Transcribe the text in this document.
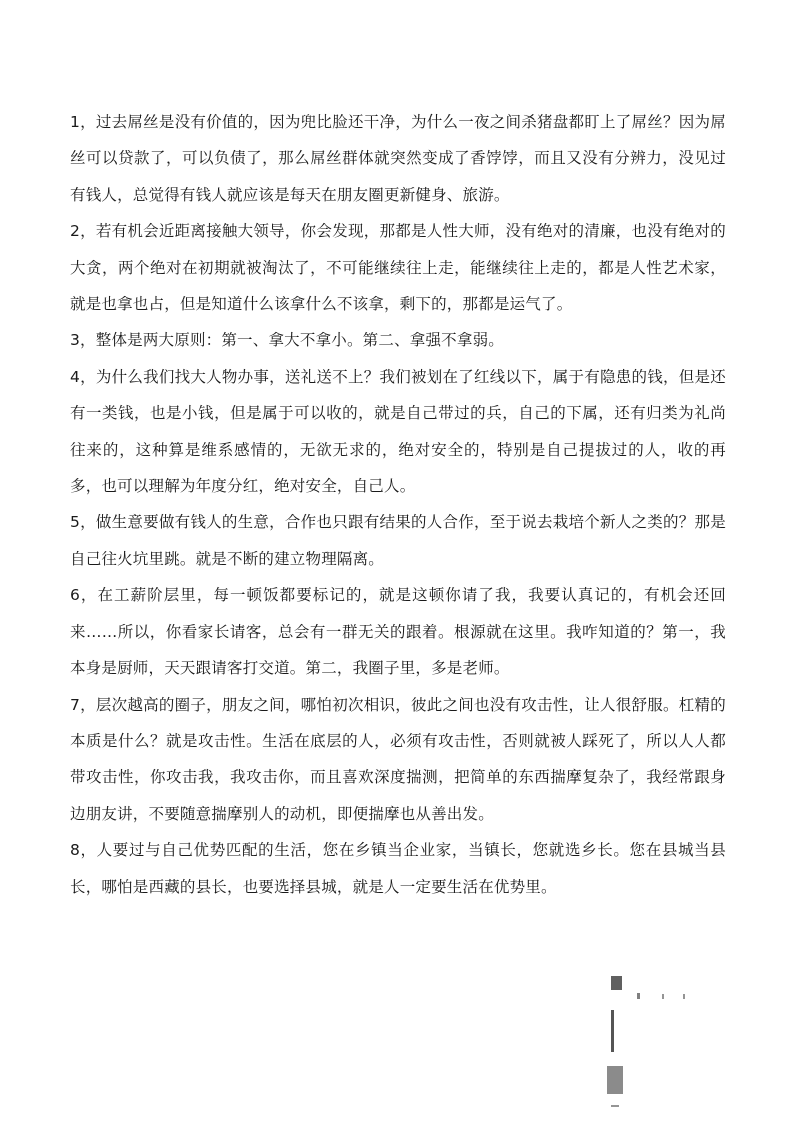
1，过去屌丝是没有价值的，因为兜比脸还干净，为什么一夜之间杀猪盘都盯上了屌丝？因为屌丝可以贷款了，可以负债了，那么屌丝群体就突然变成了香饽饽，而且又没有分辨力，没见过有钱人，总觉得有钱人就应该是每天在朋友圈更新健身、旅游。

2，若有机会近距离接触大领导，你会发现，那都是人性大师，没有绝对的清廉，也没有绝对的大贪，两个绝对在初期就被淘汰了，不可能继续往上走，能继续往上走的，都是人性艺术家，就是也拿也占，但是知道什么该拿什么不该拿，剩下的，那都是运气了。

3，整体是两大原则：第一、拿大不拿小。第二、拿强不拿弱。

4，为什么我们找大人物办事，送礼送不上？我们被划在了红线以下，属于有隐患的钱，但是还有一类钱，也是小钱，但是属于可以收的，就是自己带过的兵，自己的下属，还有归类为礼尚往来的，这种算是维系感情的，无欲无求的，绝对安全的，特别是自己提拔过的人，收的再多，也可以理解为年度分红，绝对安全，自己人。

5，做生意要做有钱人的生意，合作也只跟有结果的人合作，至于说去栽培个新人之类的？那是自己往火坑里跳。就是不断的建立物理隔离。

6，在工薪阶层里，每一顿饭都要标记的，就是这顿你请了我，我要认真记的，有机会还回来……所以，你看家长请客，总会有一群无关的跟着。根源就在这里。我咋知道的？第一，我本身是厨师，天天跟请客打交道。第二，我圈子里，多是老师。

7，层次越高的圈子，朋友之间，哪怕初次相识，彼此之间也没有攻击性，让人很舒服。杠精的本质是什么？就是攻击性。生活在底层的人，必须有攻击性，否则就被人踩死了，所以人人都带攻击性，你攻击我，我攻击你，而且喜欢深度揣测，把简单的东西揣摩复杂了，我经常跟身边朋友讲，不要随意揣摩别人的动机，即便揣摩也从善出发。

8，人要过与自己优势匹配的生活，您在乡镇当企业家，当镇长，您就选乡长。您在县城当县长，哪怕是西藏的县长，也要选择县城，就是人一定要生活在优势里。
